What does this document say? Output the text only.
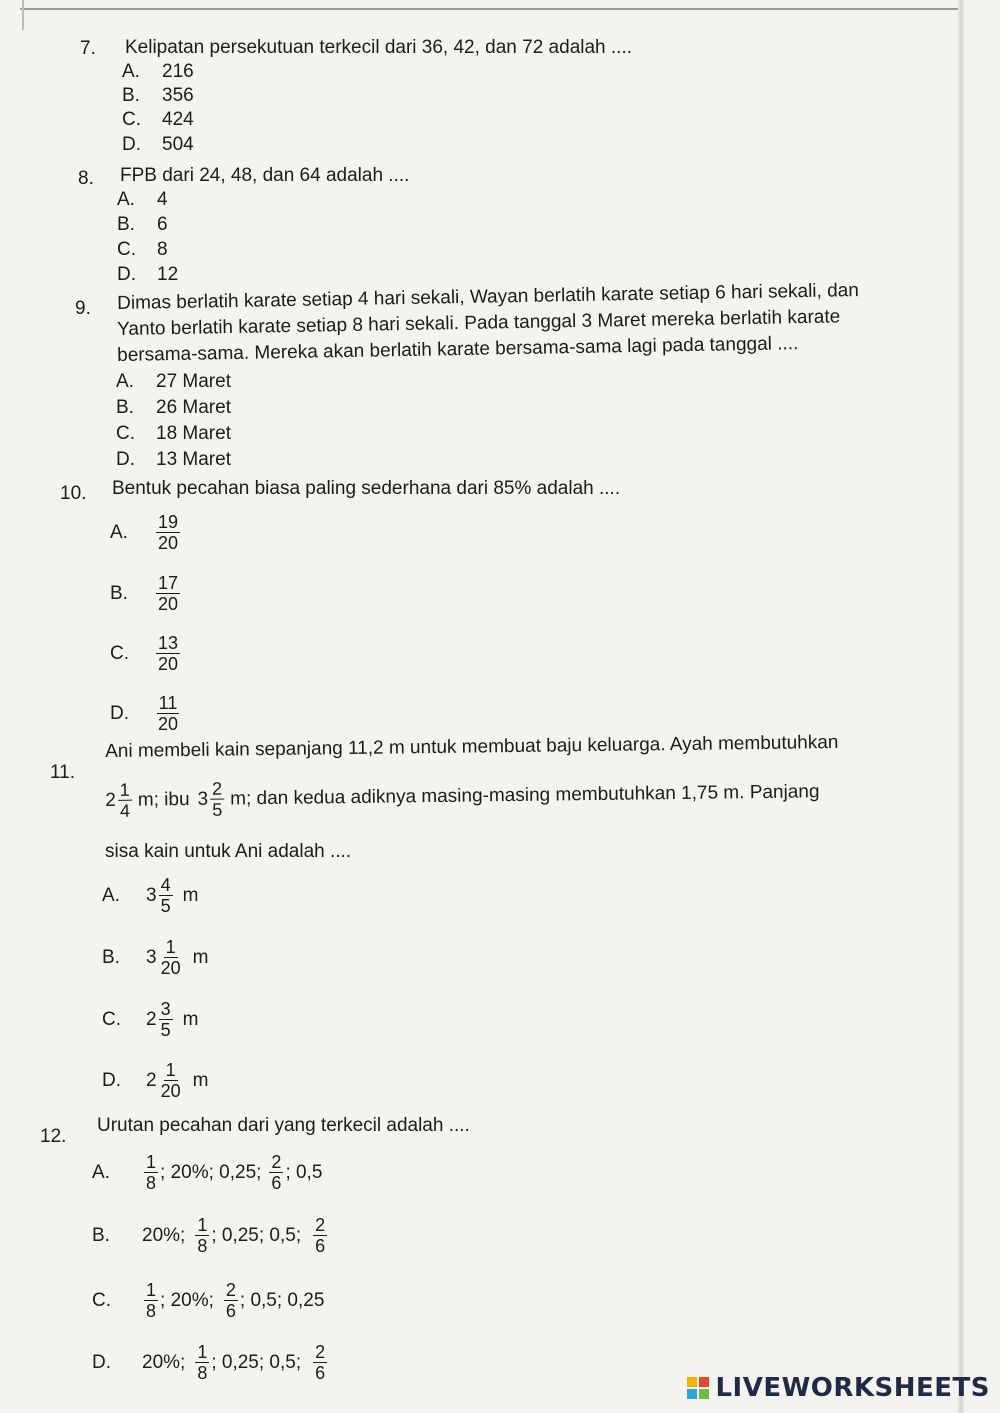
7. Kelipatan persekutuan terkecil dari 36, 42, dan 72 adalah ....
A. 216
B. 356
C. 424
D. 504
8. FPB dari 24, 48, dan 64 adalah ....
A. 4
B. 6
C. 8
D. 12
9. Dimas berlatih karate setiap 4 hari sekali, Wayan berlatih karate setiap 6 hari sekali, dan
Yanto berlatih karate setiap 8 hari sekali. Pada tanggal 3 Maret mereka berlatih karate
bersama-sama. Mereka akan berlatih karate bersama-sama lagi pada tanggal ....
A. 27 Maret
B. 26 Maret
C. 18 Maret
D. 13 Maret
10. Bentuk pecahan biasa paling sederhana dari 85% adalah ....
A.	$\frac{19}{20}$
B.	$\frac{17}{20}$
C.	$\frac{13}{20}$
D.	$\frac{11}{20}$
11.
Ani membeli kain sepanjang 11,2 m untuk membuat baju keluarga. Ayah membutuhkan
$2 \frac{1}{4} m$; ibu $3 \frac{2}{5} m$; dan kedua adiknya masing-masing membutuhkan 1,75 m. Panjang
sisa kain untuk Ani adalah ....
A.	$3 \frac{4}{5}$ m
B.	$3 \frac{1}{20}$ m
C.	$2 \frac{3}{5}$ m
D.	$2 \frac{1}{20}$ m
12.
Urutan pecahan dari yang terkecil adalah ....
A.	$\frac{1}{8}$ ; 20%; 0,25; $\frac{2}{6}$ ; 0,5
B.	20%; $\frac{1}{8}$ ; 0,25; 0,5; $\frac{2}{6}$
C.	$\frac{1}{8}$ ; 20%; $\frac{2}{6}$ ; 0,5; 0,25
D.	20%; $\frac{1}{8}$ ; 0,25; 0,5; $\frac{2}{6}$
LIVEWORKSHEETS
